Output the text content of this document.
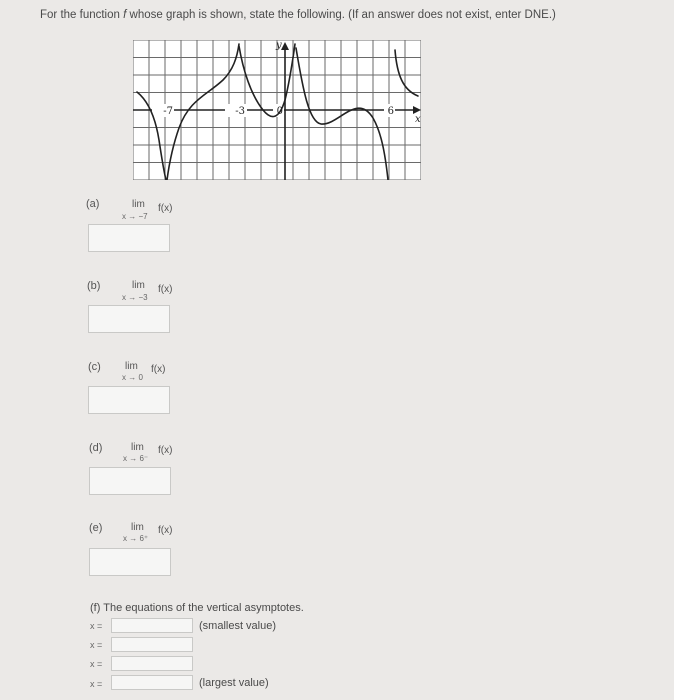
For the function f whose graph is shown, state the following. (If an answer does not exist, enter DNE.)
-7	-3	0	6
y
x
(a)	lim f(x)
x → −7
(b)	lim f(x)
x → −3
(c) lim f(x)
x → 0
(d)	lim f(x)
x → 6⁻
(e)	lim f(x)
x → 6⁺
(f) The equations of the vertical asymptotes.
x =	(smallest value)
x =
x =
x =	(largest value)
